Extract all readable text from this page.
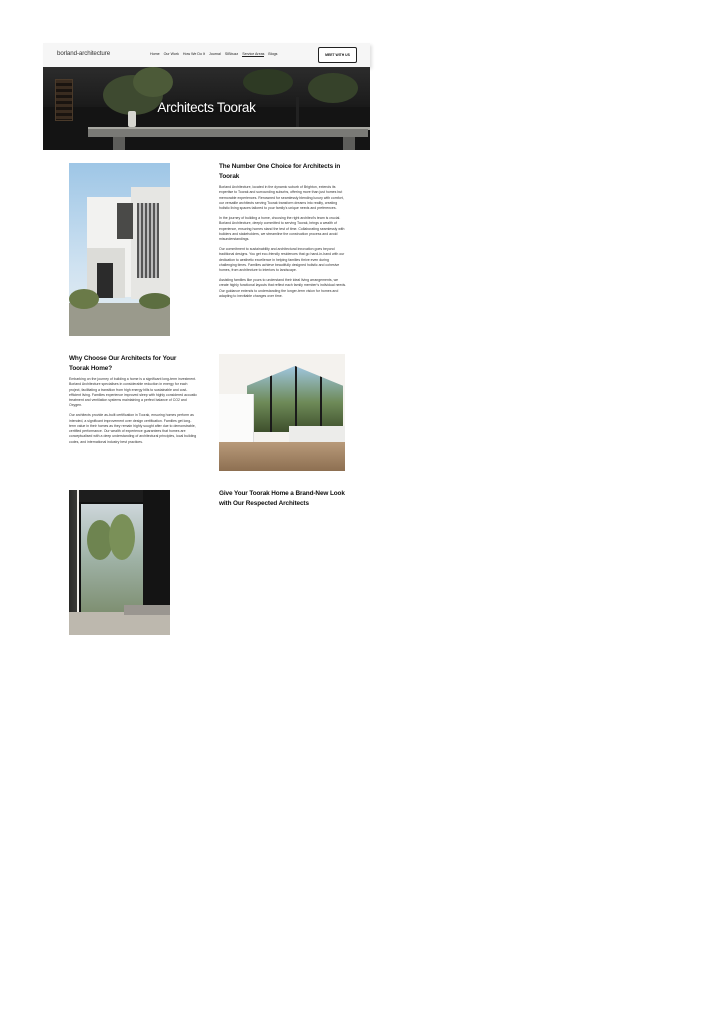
borland-architecture	Home Our Work How We Do It Journal SIBbuzz Service Areas Blogs	MEET WITH US
Architects Toorak
The Number One Choice for Architects in Toorak

Borland Architecture, located in the dynamic suburb of Brighton, extends its expertise to Toorak and surrounding suburbs, offering more than just homes but memorable experiences. Renowned for seamlessly blending luxury with comfort, our versatile architects serving Toorak transform dreams into reality, creating holistic living spaces tailored to your family's unique needs and preferences.

In the journey of building a home, choosing the right architect's team is crucial. Borland Architecture, deeply committed to serving Toorak, brings a wealth of experience, ensuring homes stand the test of time. Collaborating seamlessly with builders and stakeholders, we streamline the construction process and avoid misunderstandings.

Our commitment to sustainability and architectural innovation goes beyond traditional designs. You get eco-friendly residences that go hand-in-hand with our dedication to aesthetic excellence in helping families thrive even during challenging times. Families achieve beautifully designed holistic and cohesive homes, from architecture to interiors to landscape.

Assisting families like yours to understand their ideal living arrangements, we create highly functional layouts that reflect each family member's individual needs. Our guidance extends to understanding the longer-term vision for homes and adapting to inevitable changes over time.

Why Choose Our Architects for Your Toorak Home?

Embarking on the journey of building a home is a significant long-term investment. Borland Architecture specialises in considerable reduction in energy for each project, facilitating a transition from high energy bills to sustainable and cost-efficient living. Families experience improved sleep with highly considered acoustic treatment and ventilation systems maintaining a perfect balance of CO2 and Oxygen.

Our architects provide as-built certification in Toorak, ensuring homes perform as intended, a significant improvement over design certification. Families get long-term value in their homes as they remain highly sought after due to demonstrable, certified performance. Our wealth of experience guarantees that homes are conceptualised with a deep understanding of architectural principles, local building codes, and international industry best practices.

Give Your Toorak Home a Brand-New Look with Our Respected Architects
